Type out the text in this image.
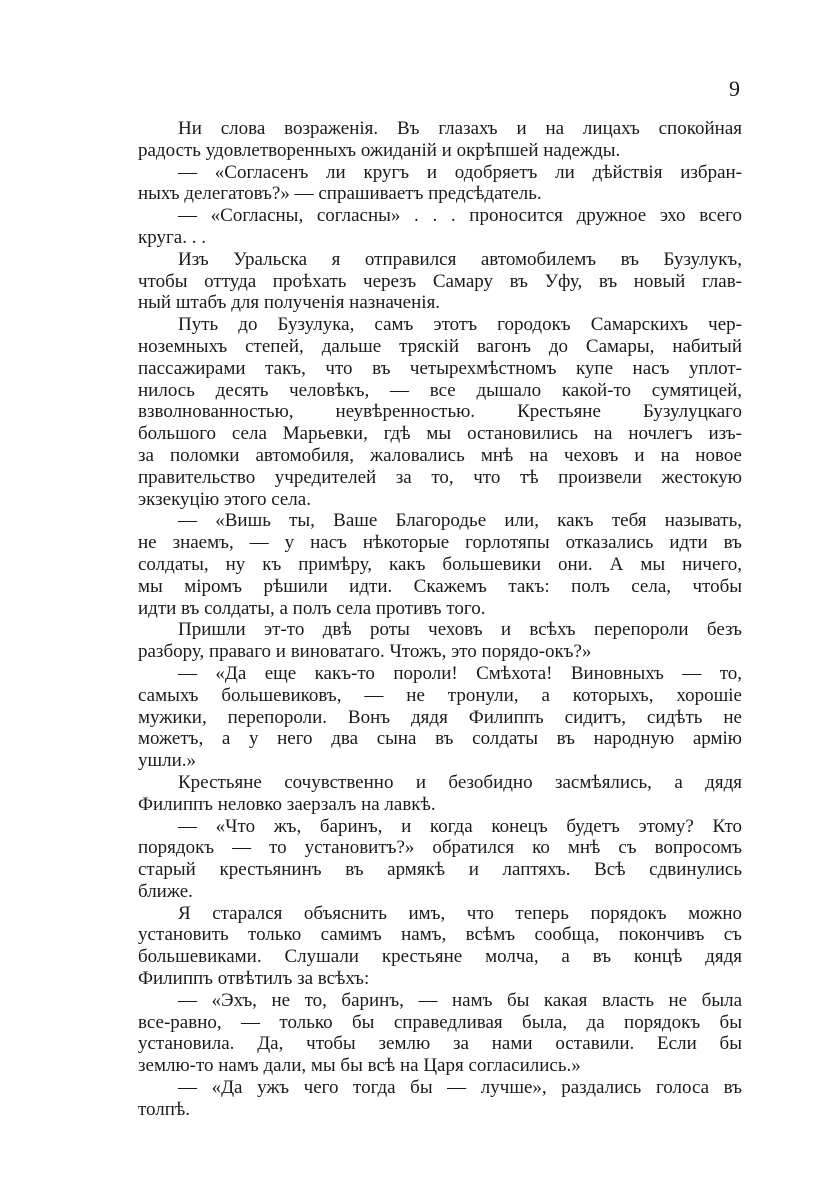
9
Ни слова возраженія. Въ глазахъ и на лицахъ спокойная
радость удовлетворенныхъ ожиданій и окрѣпшей надежды.
— «Согласенъ ли кругъ и одобряетъ ли дѣйствія избран-
ныхъ делегатовъ?» — спрашиваетъ предсѣдатель.
— «Согласны, согласны» . . . проносится дружное эхо всего
круга. . .
Изъ Уральска я отправился автомобилемъ въ Бузулукъ,
чтобы оттуда проѣхать черезъ Самару въ Уфу, въ новый глав-
ный штабъ для полученія назначенія.
Путь до Бузулука, самъ этотъ городокъ Самарскихъ чер-
ноземныхъ степей, дальше тряскій вагонъ до Самары, набитый
пассажирами такъ, что въ четырехмѣстномъ купе насъ уплот-
нилось десять человѣкъ, — все дышало какой-то сумятицей,
взволнованностью, неувѣренностью. Крестьяне Бузулуцкаго
большого села Марьевки, гдѣ мы остановились на ночлегъ изъ-
за поломки автомобиля, жаловались мнѣ на чеховъ и на новое
правительство учредителей за то, что тѣ произвели жестокую
экзекуцію этого села.
— «Вишь ты, Ваше Благородье или, какъ тебя называть,
не знаемъ, — у насъ нѣкоторые горлотяпы отказались идти въ
солдаты, ну къ примѣру, какъ большевики они. А мы ничего,
мы міромъ рѣшили идти. Скажемъ такъ: полъ села, чтобы
идти въ солдаты, а полъ села противъ того.
Пришли эт-то двѣ роты чеховъ и всѣхъ перепороли безъ
разбору, праваго и виноватаго. Чтожъ, это порядо-окъ?»
— «Да еще какъ-то пороли! Смѣхота! Виновныхъ — то,
самыхъ большевиковъ, — не тронули, а которыхъ, хорошіе
мужики, перепороли. Вонъ дядя Филиппъ сидитъ, сидѣть не
можетъ, а у него два сына въ солдаты въ народную армію
ушли.»
Крестьяне сочувственно и безобидно засмѣялись, а дядя
Филиппъ неловко заерзалъ на лавкѣ.
— «Что жъ, баринъ, и когда конецъ будетъ этому? Кто
порядокъ — то установитъ?» обратился ко мнѣ съ вопросомъ
старый крестьянинъ въ армякѣ и лаптяхъ. Всѣ сдвинулись
ближе.
Я старался объяснить имъ, что теперь порядокъ можно
установить только самимъ намъ, всѣмъ сообща, покончивъ съ
большевиками. Слушали крестьяне молча, а въ концѣ дядя
Филиппъ отвѣтилъ за всѣхъ:
— «Эхъ, не то, баринъ, — намъ бы какая власть не была
все-равно, — только бы справедливая была, да порядокъ бы
установила. Да, чтобы землю за нами оставили. Если бы
землю-то намъ дали, мы бы всѣ на Царя согласились.»
— «Да ужъ чего тогда бы — лучше», раздались голоса въ
толпѣ.
